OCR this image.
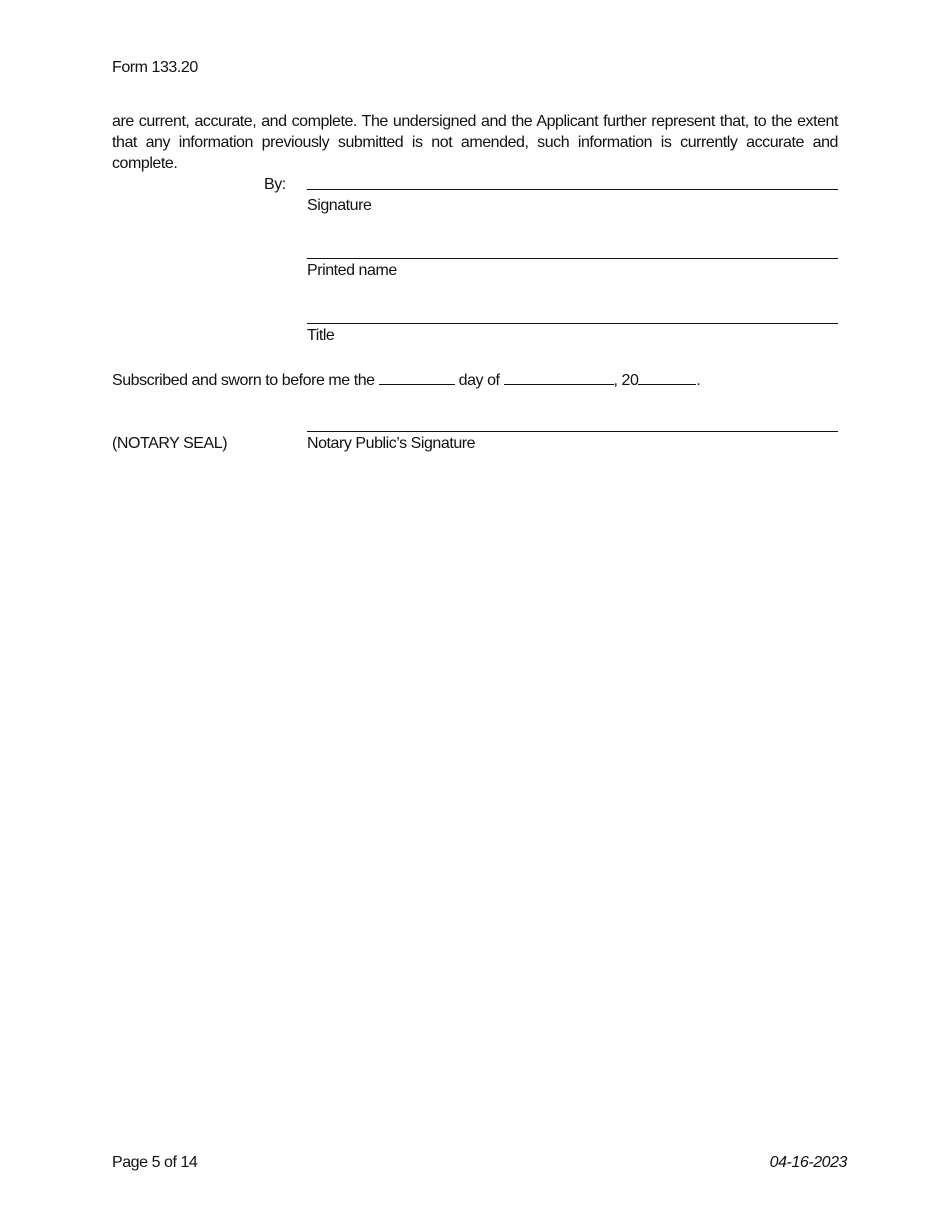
Form 133.20
are current, accurate, and complete. The undersigned and the Applicant further represent that, to the extent
that any information previously submitted is not amended, such information is currently accurate and complete.
By:
Signature
Printed name
Title
Subscribed and sworn to before me the	day of	, 20	.
(NOTARY SEAL)	Notary Public’s Signature
Page 5 of 14	04-16-2023
